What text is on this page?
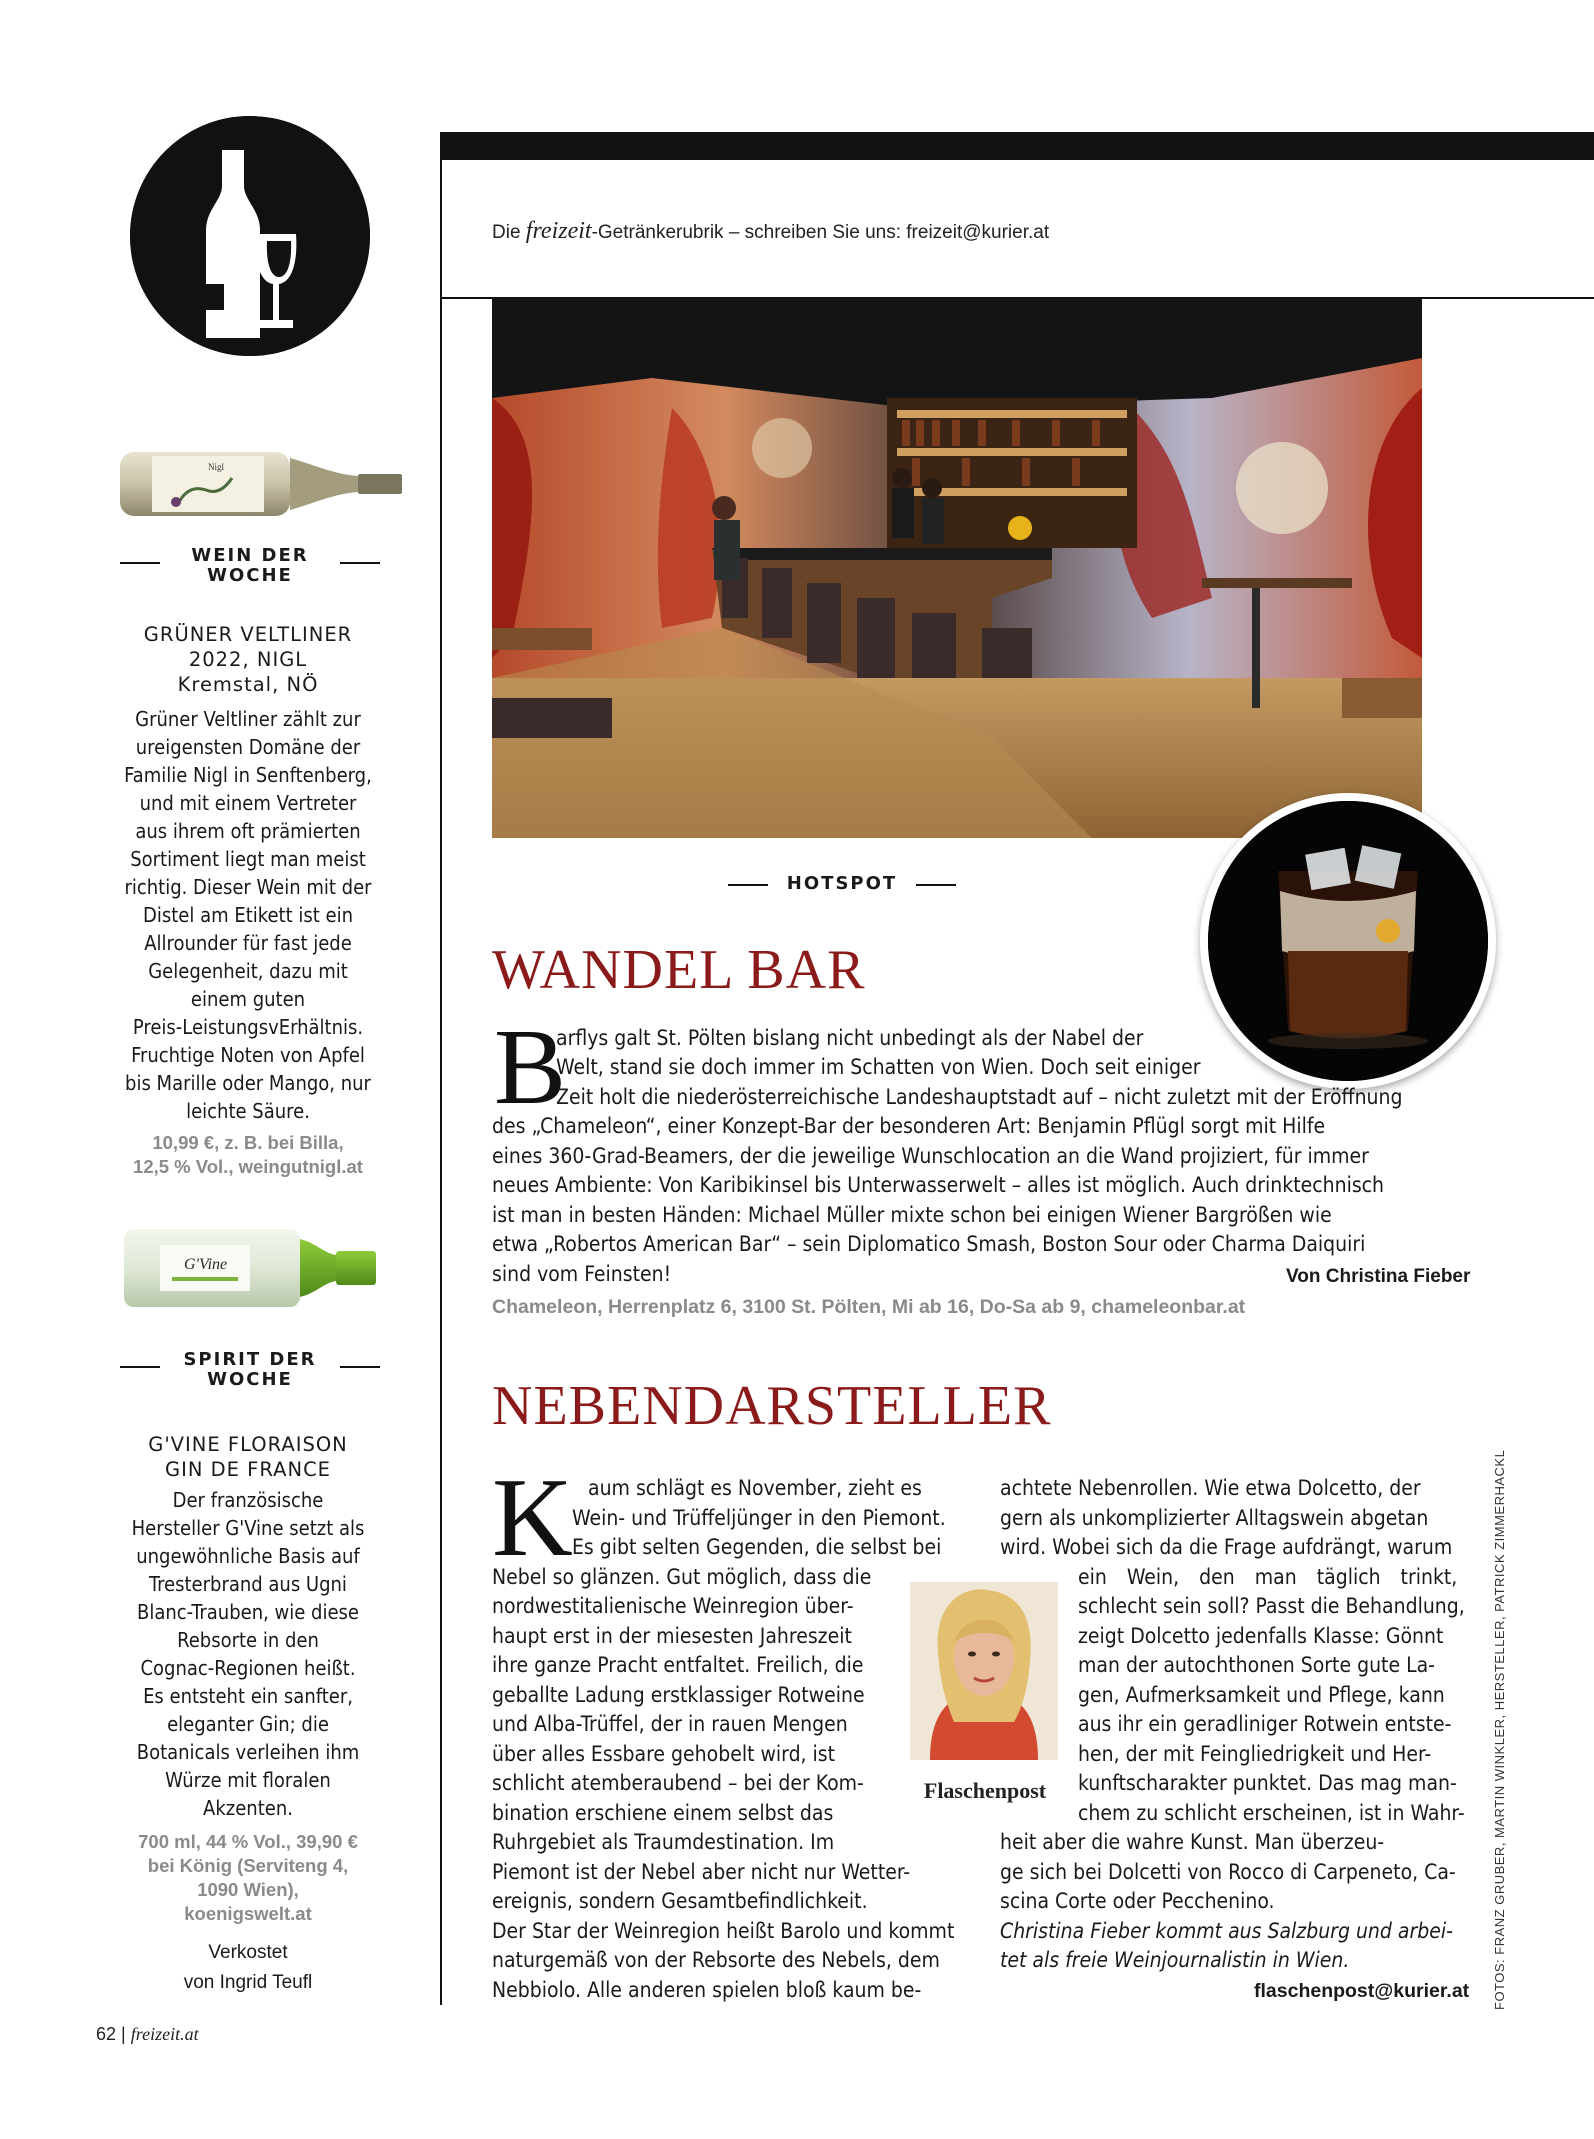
Nigl
WEIN DER
WOCHE
GRÜNER VELTLINER
2022, NIGL
Kremstal, NÖ
Grüner Veltliner zählt zur
ureigensten Domäne der
Familie Nigl in Senftenberg,
und mit einem Vertreter
aus ihrem oft prämierten
Sortiment liegt man meist
richtig. Dieser Wein mit der
Distel am Etikett ist ein
Allrounder für fast jede
Gelegenheit, dazu mit
einem guten
Preis-LeistungsvErhältnis.
Fruchtige Noten von Apfel
bis Marille oder Mango, nur
leichte Säure.
10,99 €, z. B. bei Billa,
12,5 % Vol., weingutnigl.at
G'Vine
SPIRIT DER
WOCHE
G'VINE FLORAISON
GIN DE FRANCE
Der französische
Hersteller G'Vine setzt als
ungewöhnliche Basis auf
Tresterbrand aus Ugni
Blanc-Trauben, wie diese
Rebsorte in den
Cognac-Regionen heißt.
Es entsteht ein sanfter,
eleganter Gin; die
Botanicals verleihen ihm
Würze mit floralen
Akzenten.
700 ml, 44 % Vol., 39,90 €
bei König (Serviteng 4,
1090 Wien),
koenigswelt.at
Verkostet
von Ingrid Teufl
62 | freizeit.at
Die freizeit-Getränkerubrik – schreiben Sie uns: freizeit@kurier.at
HOTSPOT
WANDEL BAR
B
arflys galt St. Pölten bislang nicht unbedingt als der Nabel der
Welt, stand sie doch immer im Schatten von Wien. Doch seit einiger
Zeit holt die niederösterreichische Landeshauptstadt auf – nicht zuletzt mit der Eröffnung
des „Chameleon“, einer Konzept-Bar der besonderen Art: Benjamin Pflügl sorgt mit Hilfe
eines 360-Grad-Beamers, der die jeweilige Wunschlocation an die Wand projiziert, für immer
neues Ambiente: Von Karibikinsel bis Unterwasserwelt – alles ist möglich. Auch drinktechnisch
ist man in besten Händen: Michael Müller mixte schon bei einigen Wiener Bargrößen wie
etwa „Robertos American Bar“ – sein Diplomatico Smash, Boston Sour oder Charma Daiquiri
sind vom Feinsten!	Von Christina Fieber
Chameleon, Herrenplatz 6, 3100 St. Pölten, Mi ab 16, Do-Sa ab 9, chameleonbar.at
NEBENDARSTELLER
K aum schlägt es November, zieht es
Wein- und Trüffeljünger in den Piemont.
Es gibt selten Gegenden, die selbst bei
Nebel so glänzen. Gut möglich, dass die
nordwestitalienische Weinregion über-
haupt erst in der miesesten Jahreszeit
ihre ganze Pracht entfaltet. Freilich, die
geballte Ladung erstklassiger Rotweine
und Alba-Trüffel, der in rauen Mengen
über alles Essbare gehobelt wird, ist
schlicht atemberaubend – bei der Kom-
bination erschiene einem selbst das
Ruhrgebiet als Traumdestination. Im
Piemont ist der Nebel aber nicht nur Wetter-
ereignis, sondern Gesamtbefindlichkeit.
Der Star der Weinregion heißt Barolo und kommt
naturgemäß von der Rebsorte des Nebels, dem
Nebbiolo. Alle anderen spielen bloß kaum be-
Flaschenpost
achtete Nebenrollen. Wie etwa Dolcetto, der
gern als unkomplizierter Alltagswein abgetan
wird. Wobei sich da die Frage aufdrängt, warum
ein Wein, den man täglich trinkt,
schlecht sein soll? Passt die Behandlung,
zeigt Dolcetto jedenfalls Klasse: Gönnt
man der autochthonen Sorte gute La-
gen, Aufmerksamkeit und Pflege, kann
aus ihr ein geradliniger Rotwein entste-
hen, der mit Feingliedrigkeit und Her-
kunftscharakter punktet. Das mag man-
chem zu schlicht erscheinen, ist in Wahr-
heit aber die wahre Kunst. Man überzeu-
ge sich bei Dolcetti von Rocco di Carpeneto, Ca-
scina Corte oder Pecchenino.
Christina Fieber kommt aus Salzburg und arbei-
tet als freie Weinjournalistin in Wien.
flaschenpost@kurier.at FOTOS: FRANZ GRUBER, MARTIN WINKLER, HERSTELLER, PATRICK ZIMMERHACKL
